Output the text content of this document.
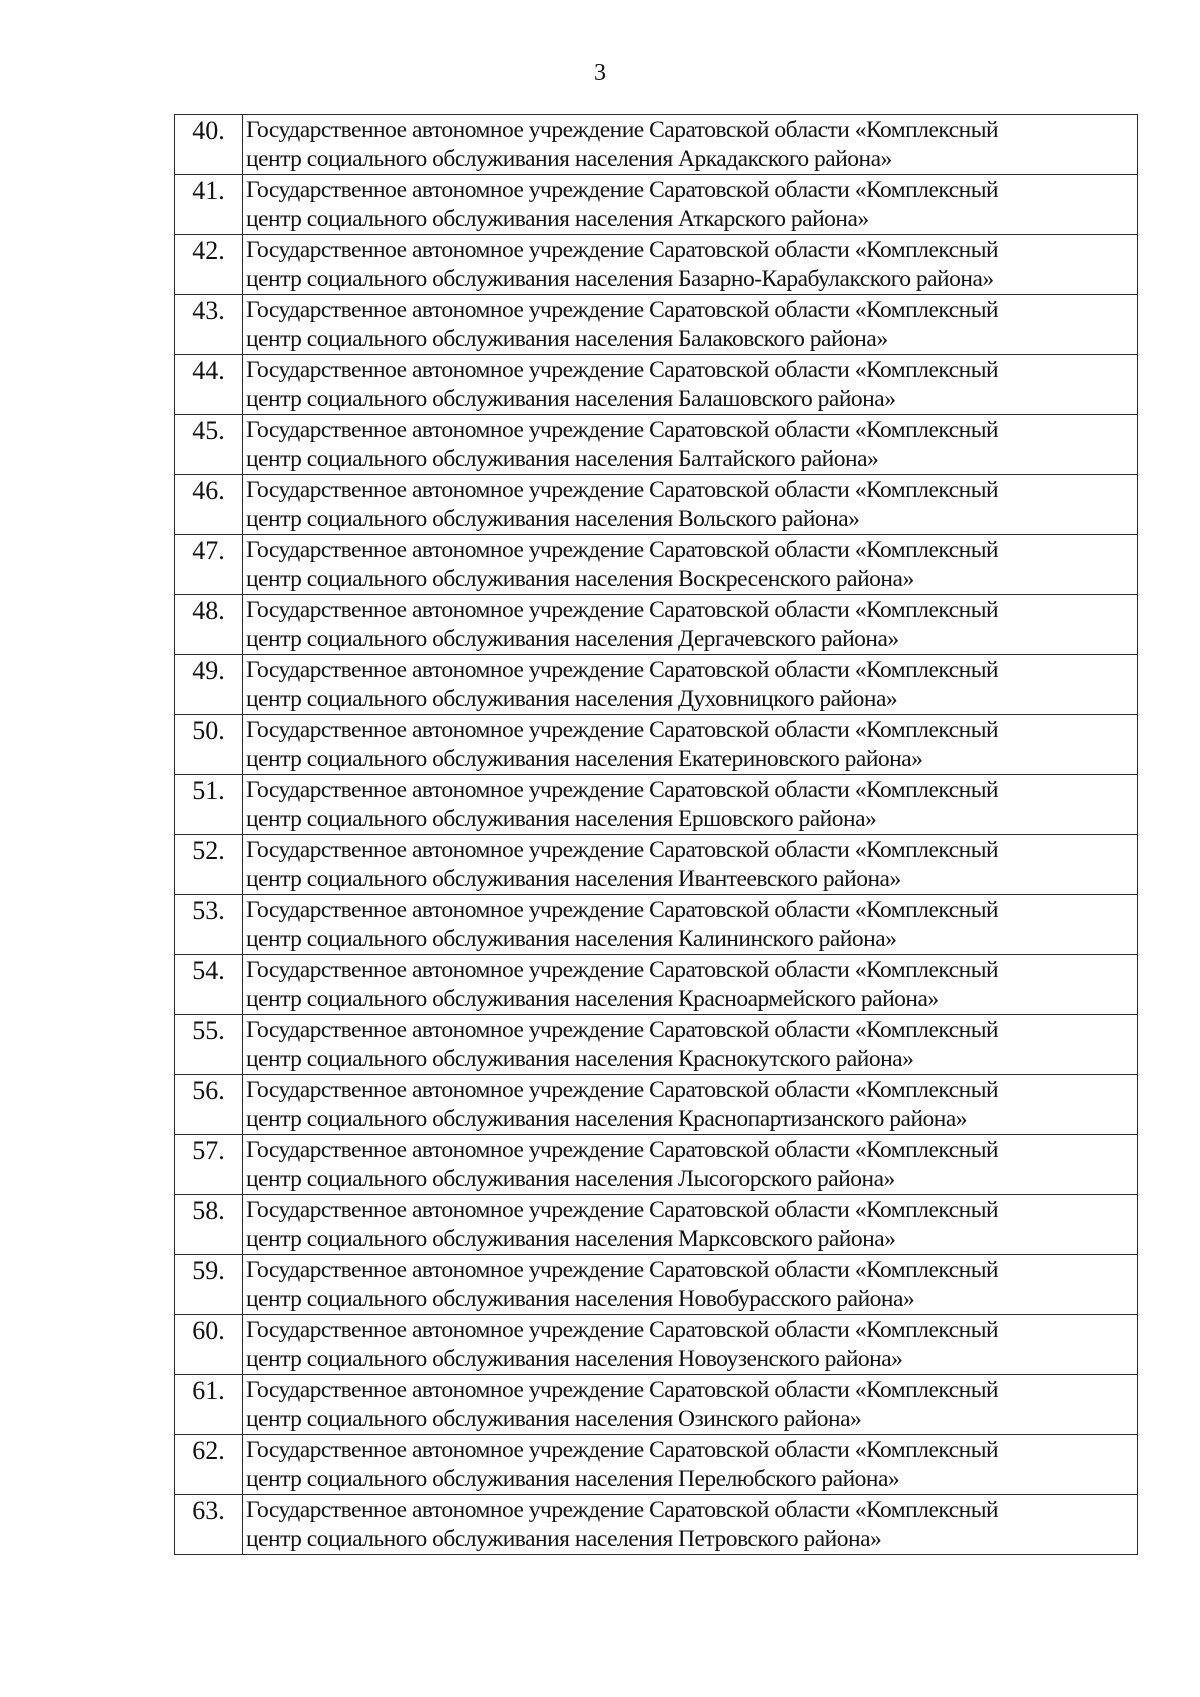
3
40.	Государственное автономное учреждение Саратовской области «Комплексный
центр социального обслуживания населения Аркадакского района»

41.	Государственное автономное учреждение Саратовской области «Комплексный
центр социального обслуживания населения Аткарского района»

42.	Государственное автономное учреждение Саратовской области «Комплексный
центр социального обслуживания населения Базарно-Карабулакского района»

43.	Государственное автономное учреждение Саратовской области «Комплексный
центр социального обслуживания населения Балаковского района»

44.	Государственное автономное учреждение Саратовской области «Комплексный
центр социального обслуживания населения Балашовского района»

45.	Государственное автономное учреждение Саратовской области «Комплексный
центр социального обслуживания населения Балтайского района»

46.	Государственное автономное учреждение Саратовской области «Комплексный
центр социального обслуживания населения Вольского района»

47.	Государственное автономное учреждение Саратовской области «Комплексный
центр социального обслуживания населения Воскресенского района»

48.	Государственное автономное учреждение Саратовской области «Комплексный
центр социального обслуживания населения Дергачевского района»

49.	Государственное автономное учреждение Саратовской области «Комплексный
центр социального обслуживания населения Духовницкого района»

50.	Государственное автономное учреждение Саратовской области «Комплексный
центр социального обслуживания населения Екатериновского района»

51.	Государственное автономное учреждение Саратовской области «Комплексный
центр социального обслуживания населения Ершовского района»

52.	Государственное автономное учреждение Саратовской области «Комплексный
центр социального обслуживания населения Ивантеевского района»

53.	Государственное автономное учреждение Саратовской области «Комплексный
центр социального обслуживания населения Калининского района»

54.	Государственное автономное учреждение Саратовской области «Комплексный
центр социального обслуживания населения Красноармейского района»

55.	Государственное автономное учреждение Саратовской области «Комплексный
центр социального обслуживания населения Краснокутского района»

56.	Государственное автономное учреждение Саратовской области «Комплексный
центр социального обслуживания населения Краснопартизанского района»

57.	Государственное автономное учреждение Саратовской области «Комплексный
центр социального обслуживания населения Лысогорского района»

58.	Государственное автономное учреждение Саратовской области «Комплексный
центр социального обслуживания населения Марксовского района»

59.	Государственное автономное учреждение Саратовской области «Комплексный
центр социального обслуживания населения Новобурасского района»

60.	Государственное автономное учреждение Саратовской области «Комплексный
центр социального обслуживания населения Новоузенского района»

61.	Государственное автономное учреждение Саратовской области «Комплексный
центр социального обслуживания населения Озинского района»

62.	Государственное автономное учреждение Саратовской области «Комплексный
центр социального обслуживания населения Перелюбского района»

63.	Государственное автономное учреждение Саратовской области «Комплексный
центр социального обслуживания населения Петровского района»
